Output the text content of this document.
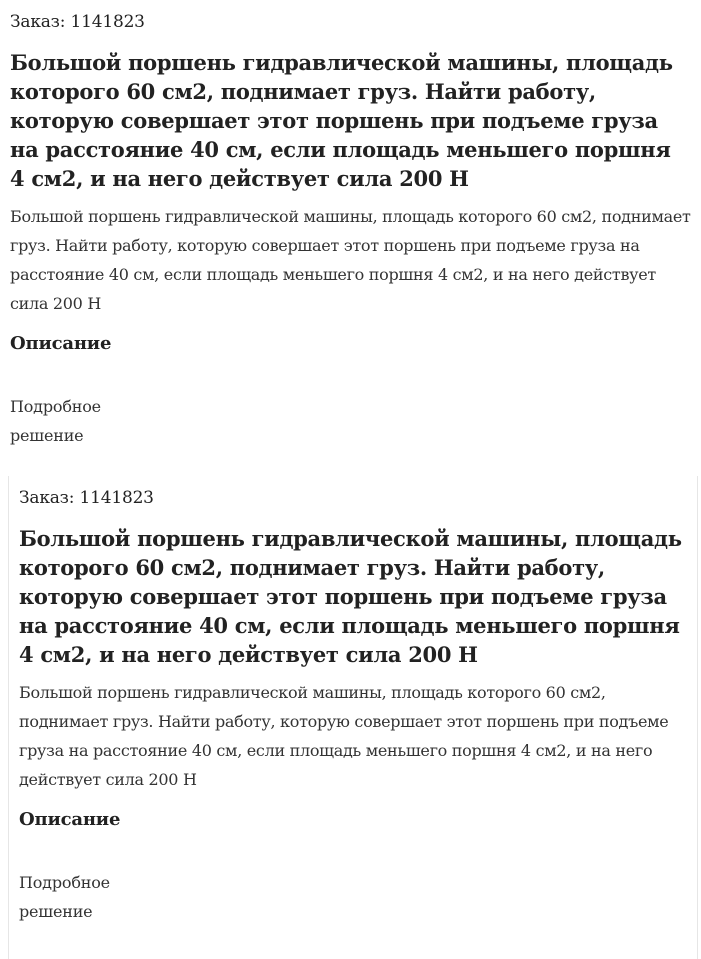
Заказ: 1141823
Большой поршень гидравлической машины, площадь которого 60 см2, поднимает груз. Найти работу, которую совершает этот поршень при подъеме груза на расстояние 40 см, если площадь меньшего поршня 4 см2, и на него действует сила 200 Н
Большой поршень гидравлической машины, площадь которого 60 см2, поднимает груз. Найти работу, которую совершает этот поршень при подъеме груза на расстояние 40 см, если площадь меньшего поршня 4 см2, и на него действует сила 200 Н
Описание
Подробное решение
Заказ: 1141823
Большой поршень гидравлической машины, площадь которого 60 см2, поднимает груз. Найти работу, которую совершает этот поршень при подъеме груза на расстояние 40 см, если площадь меньшего поршня 4 см2, и на него действует сила 200 Н
Большой поршень гидравлической машины, площадь которого 60 см2, поднимает груз. Найти работу, которую совершает этот поршень при подъеме груза на расстояние 40 см, если площадь меньшего поршня 4 см2, и на него действует сила 200 Н
Описание
Подробное решение
